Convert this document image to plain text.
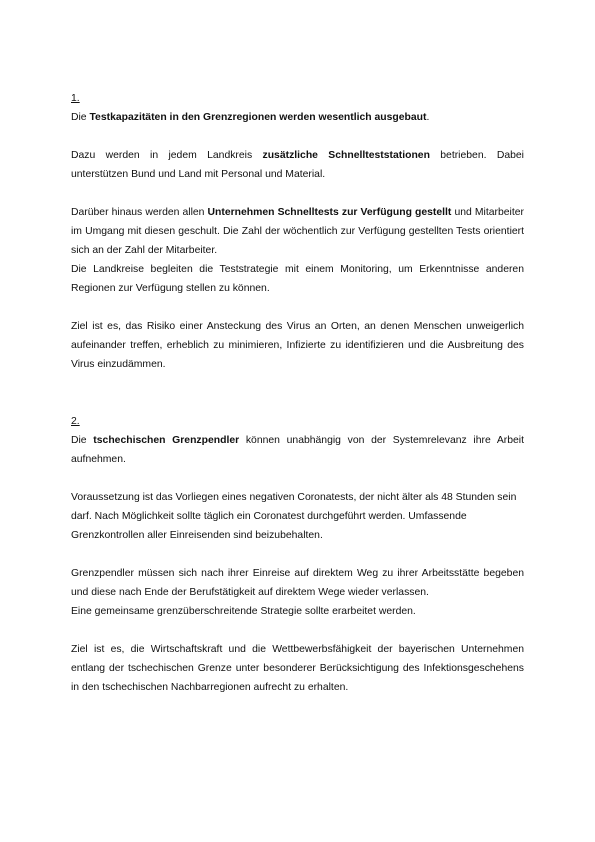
1.

Die Testkapazitäten in den Grenzregionen werden wesentlich ausgebaut.

Dazu werden in jedem Landkreis zusätzliche Schnellteststationen betrieben. Dabei unterstützen Bund und Land mit Personal und Material.

Darüber hinaus werden allen Unternehmen Schnelltests zur Verfügung gestellt und Mitarbeiter im Umgang mit diesen geschult. Die Zahl der wöchentlich zur Verfügung gestellten Tests orientiert sich an der Zahl der Mitarbeiter.

Die Landkreise begleiten die Teststrategie mit einem Monitoring, um Erkenntnisse anderen Regionen zur Verfügung stellen zu können.

Ziel ist es, das Risiko einer Ansteckung des Virus an Orten, an denen Menschen unweigerlich aufeinander treffen, erheblich zu minimieren, Infizierte zu identifizieren und die Ausbreitung des Virus einzudämmen.

2.

Die tschechischen Grenzpendler können unabhängig von der Systemrelevanz ihre Arbeit aufnehmen.

Voraussetzung ist das Vorliegen eines negativen Coronatests, der nicht älter als 48 Stunden sein darf. Nach Möglichkeit sollte täglich ein Coronatest durchgeführt werden. Umfassende Grenzkontrollen aller Einreisenden sind beizubehalten.

Grenzpendler müssen sich nach ihrer Einreise auf direktem Weg zu ihrer Arbeitsstätte begeben und diese nach Ende der Berufstätigkeit auf direktem Wege wieder verlassen.

Eine gemeinsame grenzüberschreitende Strategie sollte erarbeitet werden.

Ziel ist es, die Wirtschaftskraft und die Wettbewerbsfähigkeit der bayerischen Unternehmen entlang der tschechischen Grenze unter besonderer Berücksichtigung des Infektionsgeschehens in den tschechischen Nachbarregionen aufrecht zu erhalten.
